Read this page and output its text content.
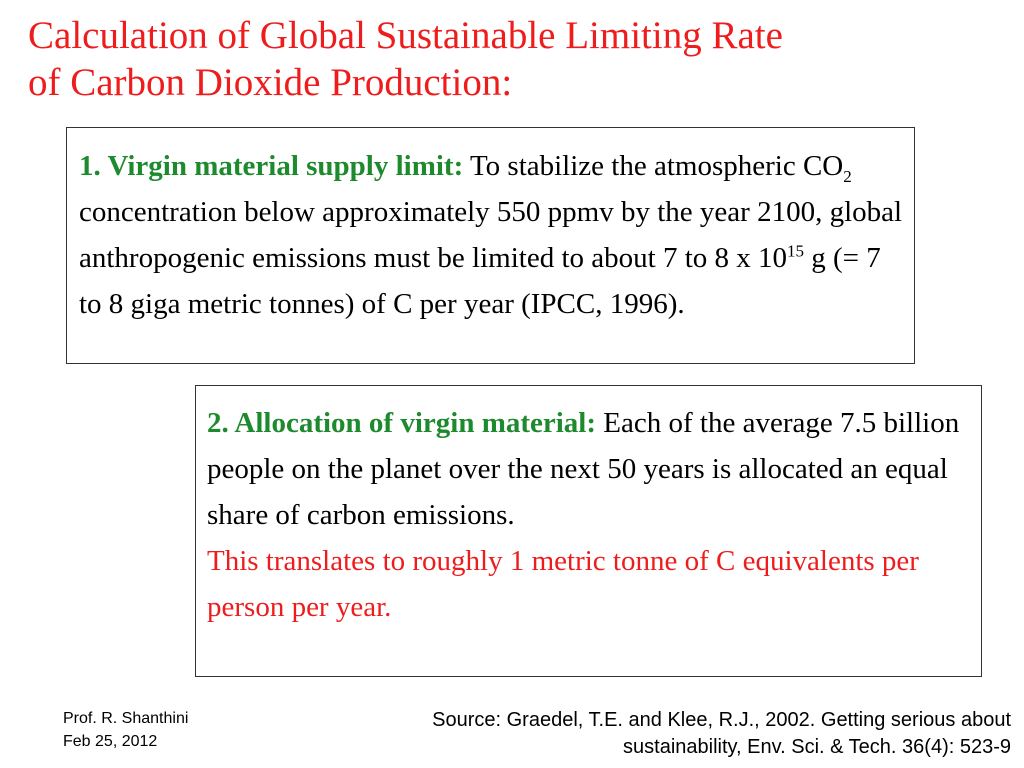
Calculation of Global Sustainable Limiting Rate
of Carbon Dioxide Production:

1. Virgin material supply limit: To stabilize the atmospheric $CO_2$ concentration below approximately 550 ppmv by the year 2100, global anthropogenic emissions must be limited to about 7 to 8 x $10^{15}$ g (= 7 to 8 giga metric tonnes) of C per year (IPCC, 1996).

2. Allocation of virgin material: Each of the average 7.5 billion people on the planet over the next 50 years is allocated an equal share of carbon emissions.

This translates to roughly 1 metric tonne of C equivalents per person per year.

Prof. R. Shanthini
Feb 25, 2012
Source: Graedel, T.E. and Klee, R.J., 2002. Getting serious about
sustainability, Env. Sci. & Tech. 36(4): 523-9
